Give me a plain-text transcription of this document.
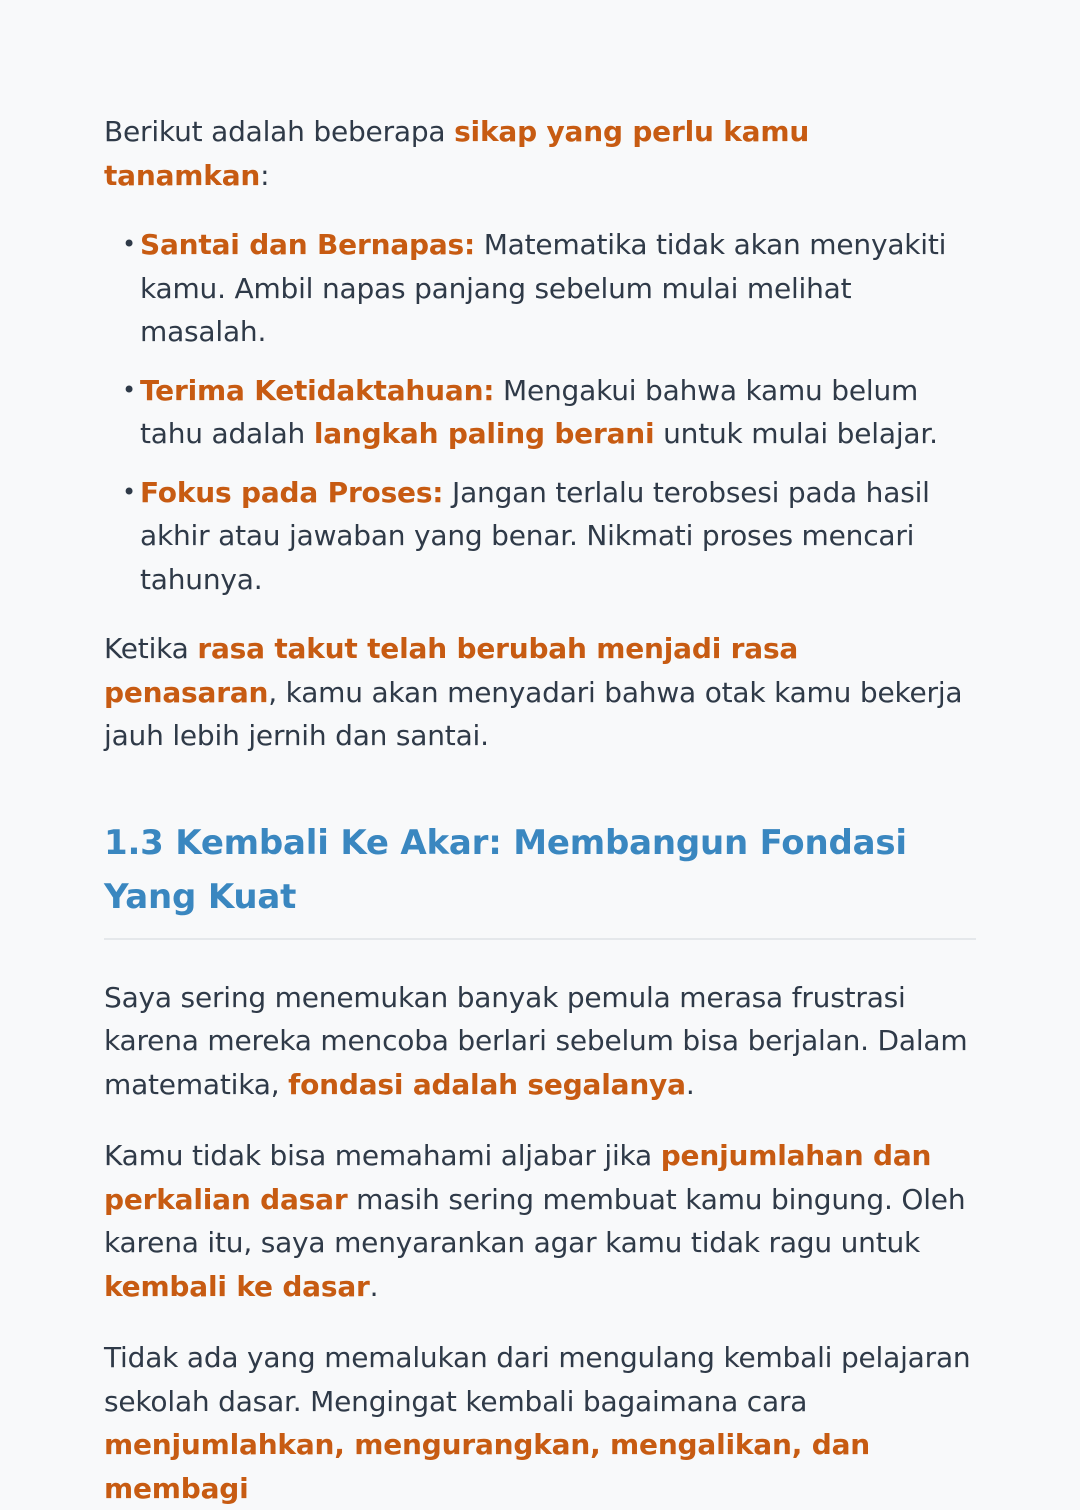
Berikut adalah beberapa sikap yang perlu kamu tanamkan:

• Santai dan Bernapas: Matematika tidak akan menyakiti kamu. Ambil napas panjang sebelum mulai melihat masalah.
• Terima Ketidaktahuan: Mengakui bahwa kamu belum tahu adalah langkah paling berani untuk mulai belajar.
• Fokus pada Proses: Jangan terlalu terobsesi pada hasil akhir atau jawaban yang benar. Nikmati proses mencari tahunya.

Ketika rasa takut telah berubah menjadi rasa penasaran, kamu akan menyadari bahwa otak kamu bekerja jauh lebih jernih dan santai.

1.3 Kembali Ke Akar: Membangun Fondasi Yang Kuat

Saya sering menemukan banyak pemula merasa frustrasi karena mereka mencoba berlari sebelum bisa berjalan. Dalam matematika, fondasi adalah segalanya.

Kamu tidak bisa memahami aljabar jika penjumlahan dan perkalian dasar masih sering membuat kamu bingung. Oleh karena itu, saya menyarankan agar kamu tidak ragu untuk kembali ke dasar.

Tidak ada yang memalukan dari mengulang kembali pelajaran sekolah dasar. Mengingat kembali bagaimana cara menjumlahkan, mengurangkan, mengalikan, dan membagi
